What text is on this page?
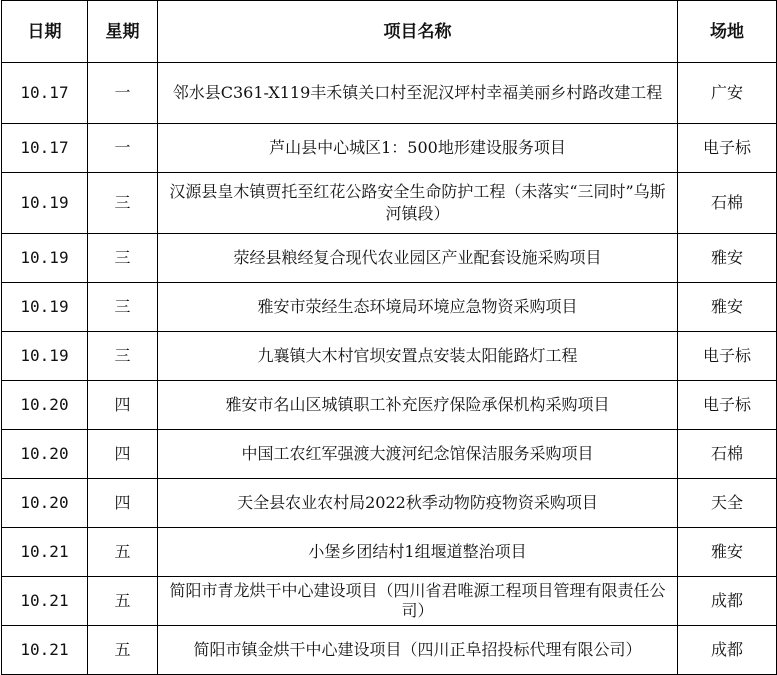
日期	星期	项目名称	场地
10.17	一	邻水县C361-X119丰禾镇关口村至泥汉坪村幸福美丽乡村路改建工程	广安
10.17	一	芦山县中心城区1：500地形建设服务项目	电子标
10.19	三	汉源县皇木镇贾托至红花公路安全生命防护工程（未落实“三同时”乌斯河镇段）	石棉
10.19	三	荥经县粮经复合现代农业园区产业配套设施采购项目	雅安
10.19	三	雅安市荥经生态环境局环境应急物资采购项目	雅安
10.19	三	九襄镇大木村官坝安置点安装太阳能路灯工程	电子标
10.20	四	雅安市名山区城镇职工补充医疗保险承保机构采购项目	电子标
10.20	四	中国工农红军强渡大渡河纪念馆保洁服务采购项目	石棉
10.20	四	天全县农业农村局2022秋季动物防疫物资采购项目	天全
10.21	五	小堡乡团结村1组堰道整治项目	雅安
10.21	五	简阳市青龙烘干中心建设项目（四川省君唯源工程项目管理有限责任公司）	成都
10.21	五	简阳市镇金烘干中心建设项目（四川正阜招投标代理有限公司）	成都
